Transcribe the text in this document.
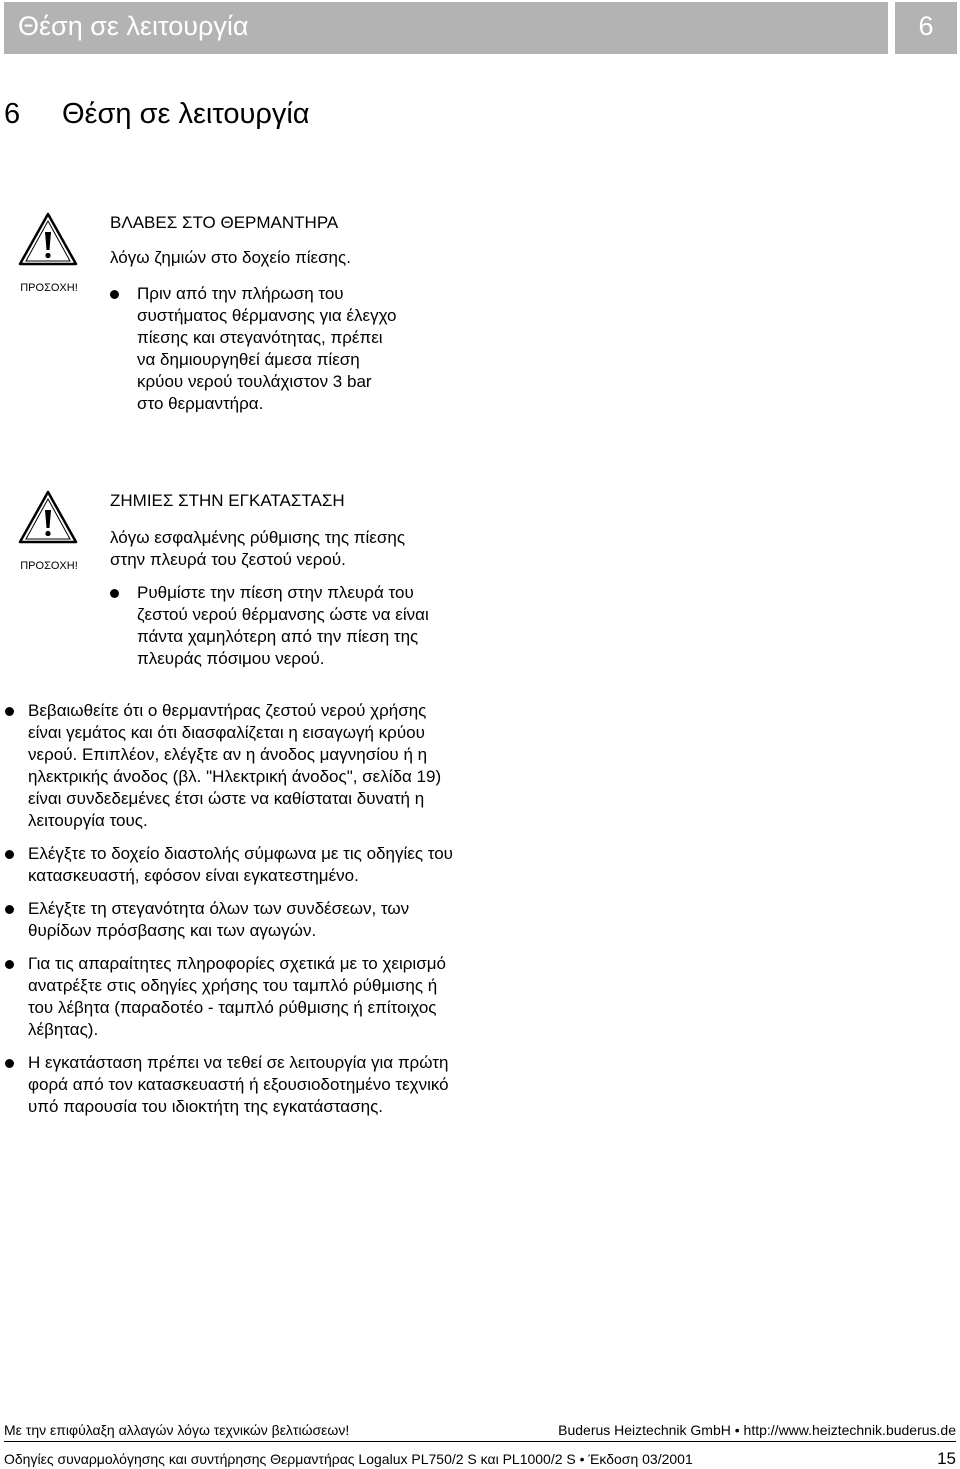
Θέση σε λειτουργία	6
6 Θέση σε λειτουργία
ΠΡΟΣΟΧΗ!
ΒΛΑΒΕΣ ΣΤΟ ΘΕΡΜΑΝΤΗΡΑ
λόγω ζημιών στο δοχείο πίεσης.
Πριν από την πλήρωση του συστήματος θέρμανσης για έλεγχο πίεσης και στεγανότητας, πρέπει να δημιουργηθεί άμεσα πίεση κρύου νερού τουλάχιστον 3 bar στο θερμαντήρα.
ΠΡΟΣΟΧΗ!
ΖΗΜΙΕΣ ΣΤΗΝ ΕΓΚΑΤΑΣΤΑΣΗ
λόγω εσφαλμένης ρύθμισης της πίεσης στην πλευρά του ζεστού νερού.
Ρυθμίστε την πίεση στην πλευρά του ζεστού νερού θέρμανσης ώστε να είναι πάντα χαμηλότερη από την πίεση της πλευράς πόσιμου νερού.
Βεβαιωθείτε ότι ο θερμαντήρας ζεστού νερού χρήσης είναι γεμάτος και ότι διασφαλίζεται η εισαγωγή κρύου νερού. Επιπλέον, ελέγξτε αν η άνοδος μαγνησίου ή η ηλεκτρικής άνοδος (βλ. "Ηλεκτρική άνοδος", σελίδα 19) είναι συνδεδεμένες έτσι ώστε να καθίσταται δυνατή η λειτουργία τους.
Ελέγξτε το δοχείο διαστολής σύμφωνα με τις οδηγίες του κατασκευαστή, εφόσον είναι εγκατεστημένο.
Ελέγξτε τη στεγανότητα όλων των συνδέσεων, των θυρίδων πρόσβασης και των αγωγών.
Για τις απαραίτητες πληροφορίες σχετικά με το χειρισμό ανατρέξτε στις οδηγίες χρήσης του ταμπλό ρύθμισης ή του λέβητα (παραδοτέο - ταμπλό ρύθμισης ή επίτοιχος λέβητας).
Η εγκατάσταση πρέπει να τεθεί σε λειτουργία για πρώτη φορά από τον κατασκευαστή ή εξουσιοδοτημένο τεχνικό υπό παρουσία του ιδιοκτήτη της εγκατάστασης.
Με την επιφύλαξη αλλαγών λόγω τεχνικών βελτιώσεων!	Buderus Heiztechnik GmbH • http://www.heiztechnik.buderus.de
Οδηγίες συναρμολόγησης και συντήρησης Θερμαντήρας Logalux PL750/2 S και PL1000/2 S • Έκδοση 03/2001	15
